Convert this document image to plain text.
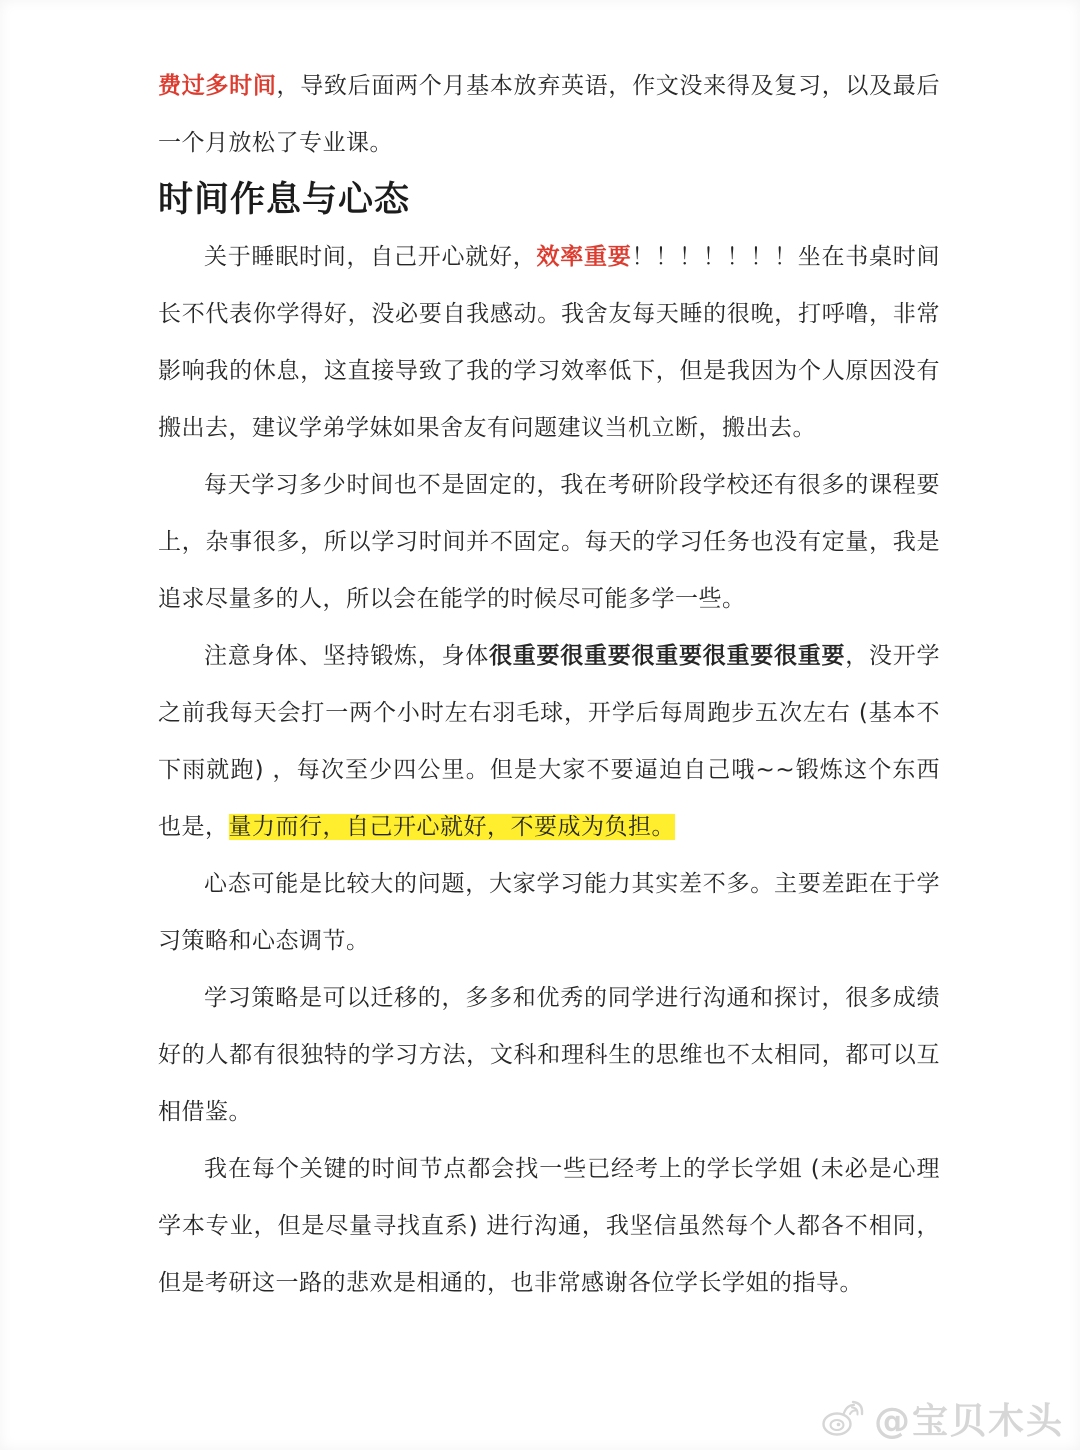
费过多时间，导致后面两个月基本放弃英语，作文没来得及复习，以及最后一个月放松了专业课。

时间作息与心态

关于睡眠时间，自己开心就好，效率重要！！！！！！！坐在书桌时间长不代表你学得好，没必要自我感动。我舍友每天睡的很晚，打呼噜，非常影响我的休息，这直接导致了我的学习效率低下，但是我因为个人原因没有搬出去，建议学弟学妹如果舍友有问题建议当机立断，搬出去。

每天学习多少时间也不是固定的，我在考研阶段学校还有很多的课程要上，杂事很多，所以学习时间并不固定。每天的学习任务也没有定量，我是追求尽量多的人，所以会在能学的时候尽可能多学一些。

注意身体、坚持锻炼，身体很重要很重要很重要很重要很重要，没开学之前我每天会打一两个小时左右羽毛球，开学后每周跑步五次左右 (基本不下雨就跑) ，每次至少四公里。但是大家不要逼迫自己哦~~锻炼这个东西也是，量力而行，自己开心就好，不要成为负担。

心态可能是比较大的问题，大家学习能力其实差不多。主要差距在于学习策略和心态调节。

学习策略是可以迁移的，多多和优秀的同学进行沟通和探讨，很多成绩好的人都有很独特的学习方法，文科和理科生的思维也不太相同，都可以互相借鉴。

我在每个关键的时间节点都会找一些已经考上的学长学姐 (未必是心理学本专业，但是尽量寻找直系) 进行沟通，我坚信虽然每个人都各不相同，但是考研这一路的悲欢是相通的，也非常感谢各位学长学姐的指导。

@宝贝木头
